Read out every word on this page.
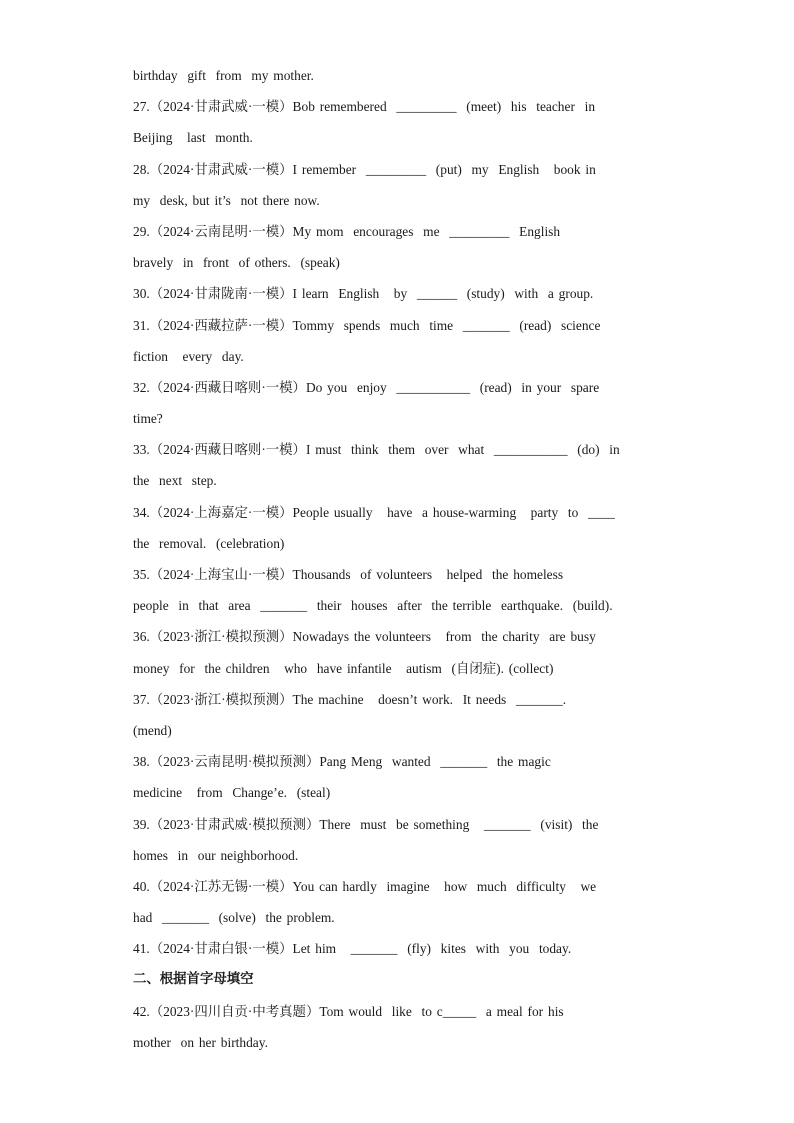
birthday  gift  from  my mother.
27.（2024·甘肃武威·一模）Bob remembered  _________  (meet)  his  teacher  in
Beijing   last  month.
28.（2024·甘肃武威·一模）I remember  _________  (put)  my  English   book in
my  desk, but it’s  not there now.
29.（2024·云南昆明·一模）My mom  encourages  me  _________  English
bravely  in  front  of others.  (speak)
30.（2024·甘肃陇南·一模）I learn  English   by  ______  (study)  with  a group.
31.（2024·西藏拉萨·一模）Tommy  spends  much  time  _______  (read)  science
fiction   every  day.
32.（2024·西藏日喀则·一模）Do you  enjoy  ___________  (read)  in your  spare
time?
33.（2024·西藏日喀则·一模）I must  think  them  over  what  ___________  (do)  in
the  next  step.
34.（2024·上海嘉定·一模）People usually   have  a house-warming   party  to  ____
the  removal.  (celebration)
35.（2024·上海宝山·一模）Thousands  of volunteers   helped  the homeless
people  in  that  area  _______  their  houses  after  the terrible  earthquake.  (build).
36.（2023·浙江·模拟预测）Nowadays the volunteers   from  the charity  are busy
money  for  the children   who  have infantile   autism  (自闭症). (collect)
37.（2023·浙江·模拟预测）The machine   doesn’t work.  It needs  _______.
(mend)
38.（2023·云南昆明·模拟预测）Pang Meng  wanted  _______  the magic
medicine   from  Change’e.  (steal)
39.（2023·甘肃武威·模拟预测）There  must  be something   _______  (visit)  the
homes  in  our neighborhood.
40.（2024·江苏无锡·一模）You can hardly  imagine   how  much  difficulty   we
had  _______  (solve)  the problem.
41.（2024·甘肃白银·一模）Let him   _______  (fly)  kites  with  you  today.
二、根据首字母填空
42.（2023·四川自贡·中考真题）Tom would  like  to c_____  a meal for his
mother  on her birthday.
